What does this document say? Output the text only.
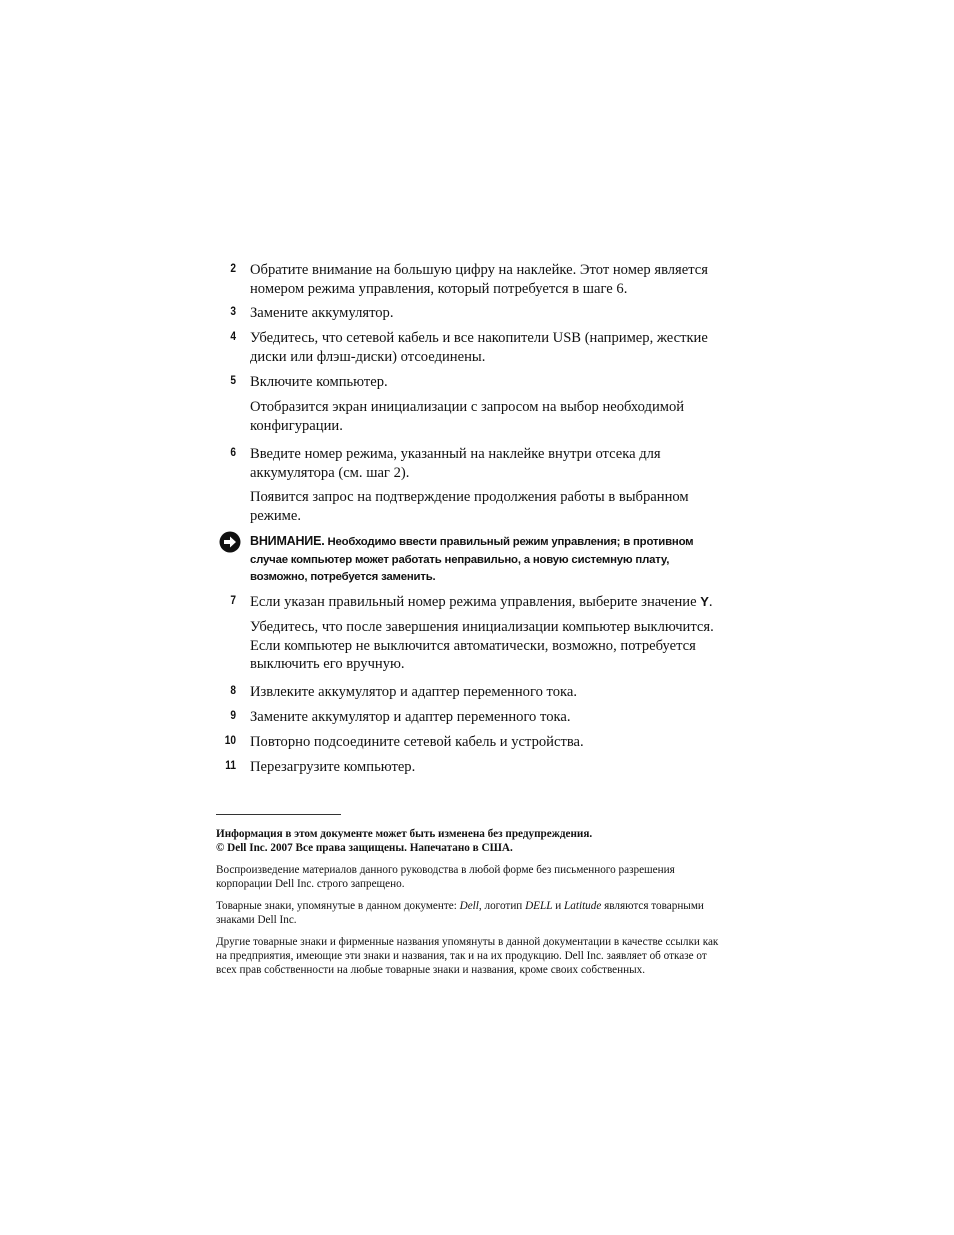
2 Обратите внимание на большую цифру на наклейке. Этот номер является номером режима управления, который потребуется в шаге 6.
3 Замените аккумулятор.
4 Убедитесь, что сетевой кабель и все накопители USB (например, жесткие диски или флэш-диски) отсоединены.
5 Включите компьютер.
Отобразится экран инициализации с запросом на выбор необходимой конфигурации.
6 Введите номер режима, указанный на наклейке внутри отсека для аккумулятора (см. шаг 2).
Появится запрос на подтверждение продолжения работы в выбранном режиме.
ВНИМАНИЕ. Необходимо ввести правильный режим управления; в противном случае компьютер может работать неправильно, а новую системную плату, возможно, потребуется заменить.
7 Если указан правильный номер режима управления, выберите значение Y.
Убедитесь, что после завершения инициализации компьютер выключится. Если компьютер не выключится автоматически, возможно, потребуется выключить его вручную.
8 Извлеките аккумулятор и адаптер переменного тока.
9 Замените аккумулятор и адаптер переменного тока.
10 Повторно подсоедините сетевой кабель и устройства.
11 Перезагрузите компьютер.
Информация в этом документе может быть изменена без предупреждения.
© Dell Inc. 2007 Все права защищены. Напечатано в США.
Воспроизведение материалов данного руководства в любой форме без письменного разрешения корпорации Dell Inc. строго запрещено.
Товарные знаки, упомянутые в данном документе: Dell, логотип DELL и Latitude являются товарными знаками Dell Inc.
Другие товарные знаки и фирменные названия упомянуты в данной документации в качестве ссылки как на предприятия, имеющие эти знаки и названия, так и на их продукцию. Dell Inc. заявляет об отказе от всех прав собственности на любые товарные знаки и названия, кроме своих собственных.
